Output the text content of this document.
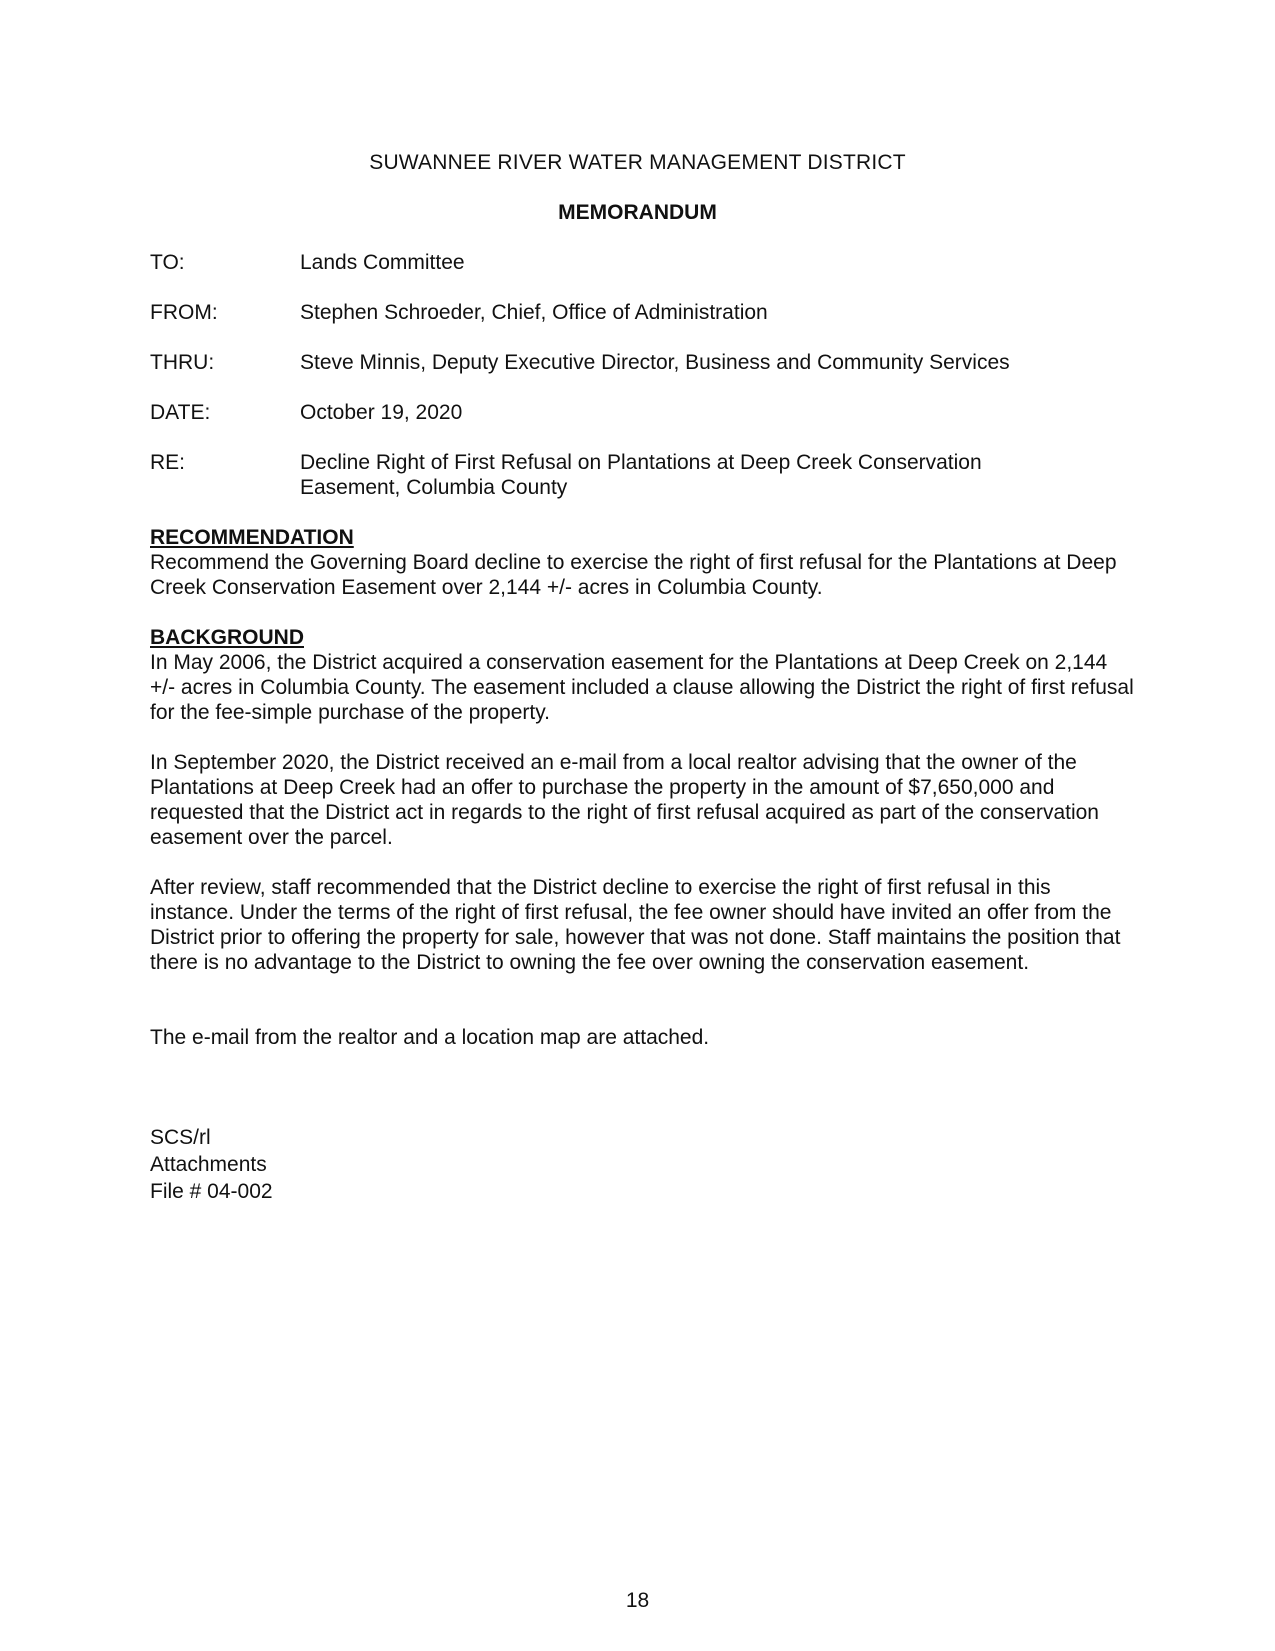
SUWANNEE RIVER WATER MANAGEMENT DISTRICT
MEMORANDUM
TO:	Lands Committee
FROM:	Stephen Schroeder, Chief, Office of Administration
THRU:	Steve Minnis, Deputy Executive Director, Business and Community Services
DATE:	October 19, 2020
RE:	Decline Right of First Refusal on Plantations at Deep Creek Conservation
Easement, Columbia County
RECOMMENDATION
Recommend the Governing Board decline to exercise the right of first refusal for the Plantations at Deep Creek Conservation Easement over 2,144 +/- acres in Columbia County.
BACKGROUND
In May 2006, the District acquired a conservation easement for the Plantations at Deep Creek on 2,144 +/- acres in Columbia County. The easement included a clause allowing the District the right of first refusal for the fee-simple purchase of the property.
In September 2020, the District received an e-mail from a local realtor advising that the owner of the Plantations at Deep Creek had an offer to purchase the property in the amount of $7,650,000 and requested that the District act in regards to the right of first refusal acquired as part of the conservation easement over the parcel.
After review, staff recommended that the District decline to exercise the right of first refusal in this instance. Under the terms of the right of first refusal, the fee owner should have invited an offer from the District prior to offering the property for sale, however that was not done. Staff maintains the position that there is no advantage to the District to owning the fee over owning the conservation easement.
The e-mail from the realtor and a location map are attached.
SCS/rl
Attachments
File # 04-002
18
